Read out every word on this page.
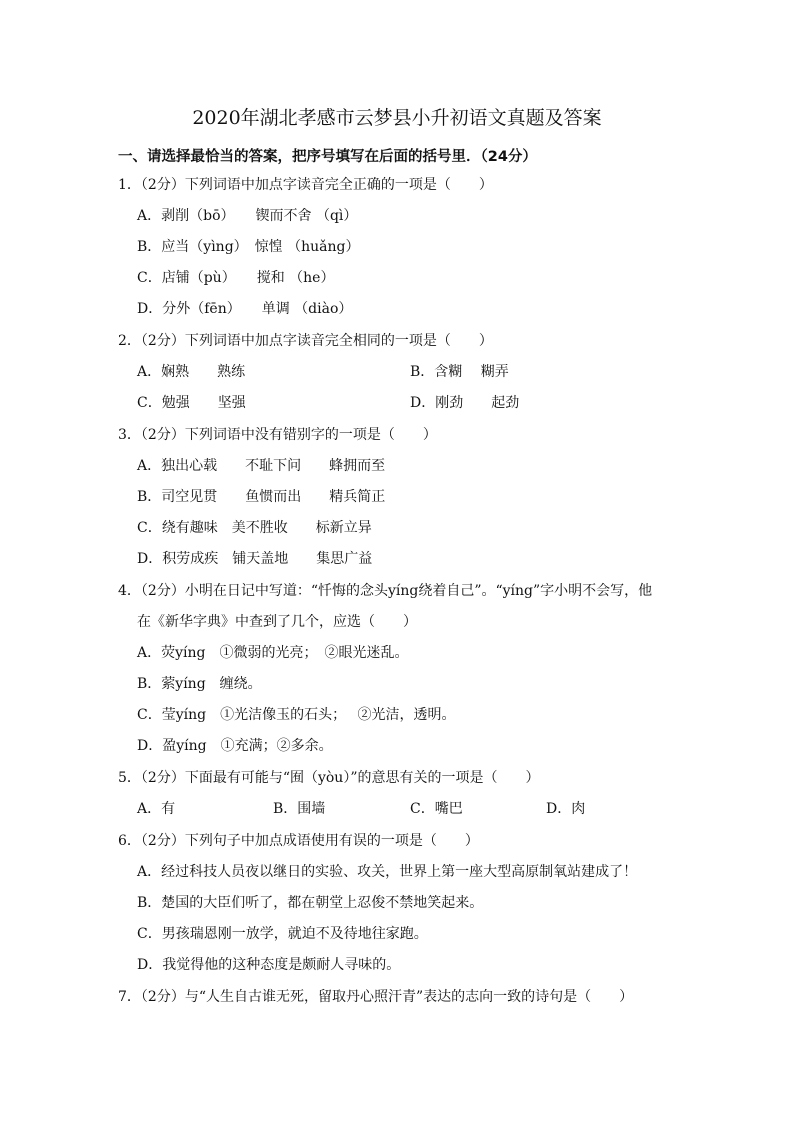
2020年湖北孝感市云梦县小升初语文真题及答案
一、请选择最恰当的答案，把序号填写在后面的括号里．（24分）
1．（2分）下列词语中加点字读音完全正确的一项是（　　）
A．剥削（bō）　　锲而不舍 （qì）
B．应当（yìng）　惊惶 （huǎng）
C．店铺（pù）　　搅和 （he）
D．分外（fēn）　　单调 （diào）
2．（2分）下列词语中加点字读音完全相同的一项是（　　）
A．娴熟　　熟练	B．含糊　 糊弄
C．勉强　　坚强	D．刚劲　　起劲
3．（2分）下列词语中没有错别字的一项是（　　）
A．独出心载　　不耻下问　　蜂拥而至
B．司空见贯　　鱼惯而出　　精兵简正
C．绕有趣味　美不胜收　　标新立异
D．积劳成疾　铺天盖地　　集思广益
4．（2分）小明在日记中写道：“忏悔的念头yíng绕着自己”。“yíng”字小明不会写，他
在《新华字典》中查到了几个，应选（　　）
A．荧yíng　①微弱的光亮；　②眼光迷乱。
B．萦yíng　缠绕。
C．莹yíng　①光洁像玉的石头；　 ②光洁，透明。
D．盈yíng　①充满；②多余。
5．（2分）下面最有可能与“囿（yòu）”的意思有关的一项是（　　）
A．有	B．围墙	C．嘴巴	D．肉
6．（2分）下列句子中加点成语使用有误的一项是（　　）
A．经过科技人员夜以继日的实验、攻关，世界上第一座大型高原制氧站建成了！
B．楚国的大臣们听了，都在朝堂上忍俊不禁地笑起来。
C．男孩瑞恩刚一放学，就迫不及待地往家跑。
D．我觉得他的这种态度是颇耐人寻味的。
7．（2分）与“人生自古谁无死，留取丹心照汗青”表达的志向一致的诗句是（　　）
